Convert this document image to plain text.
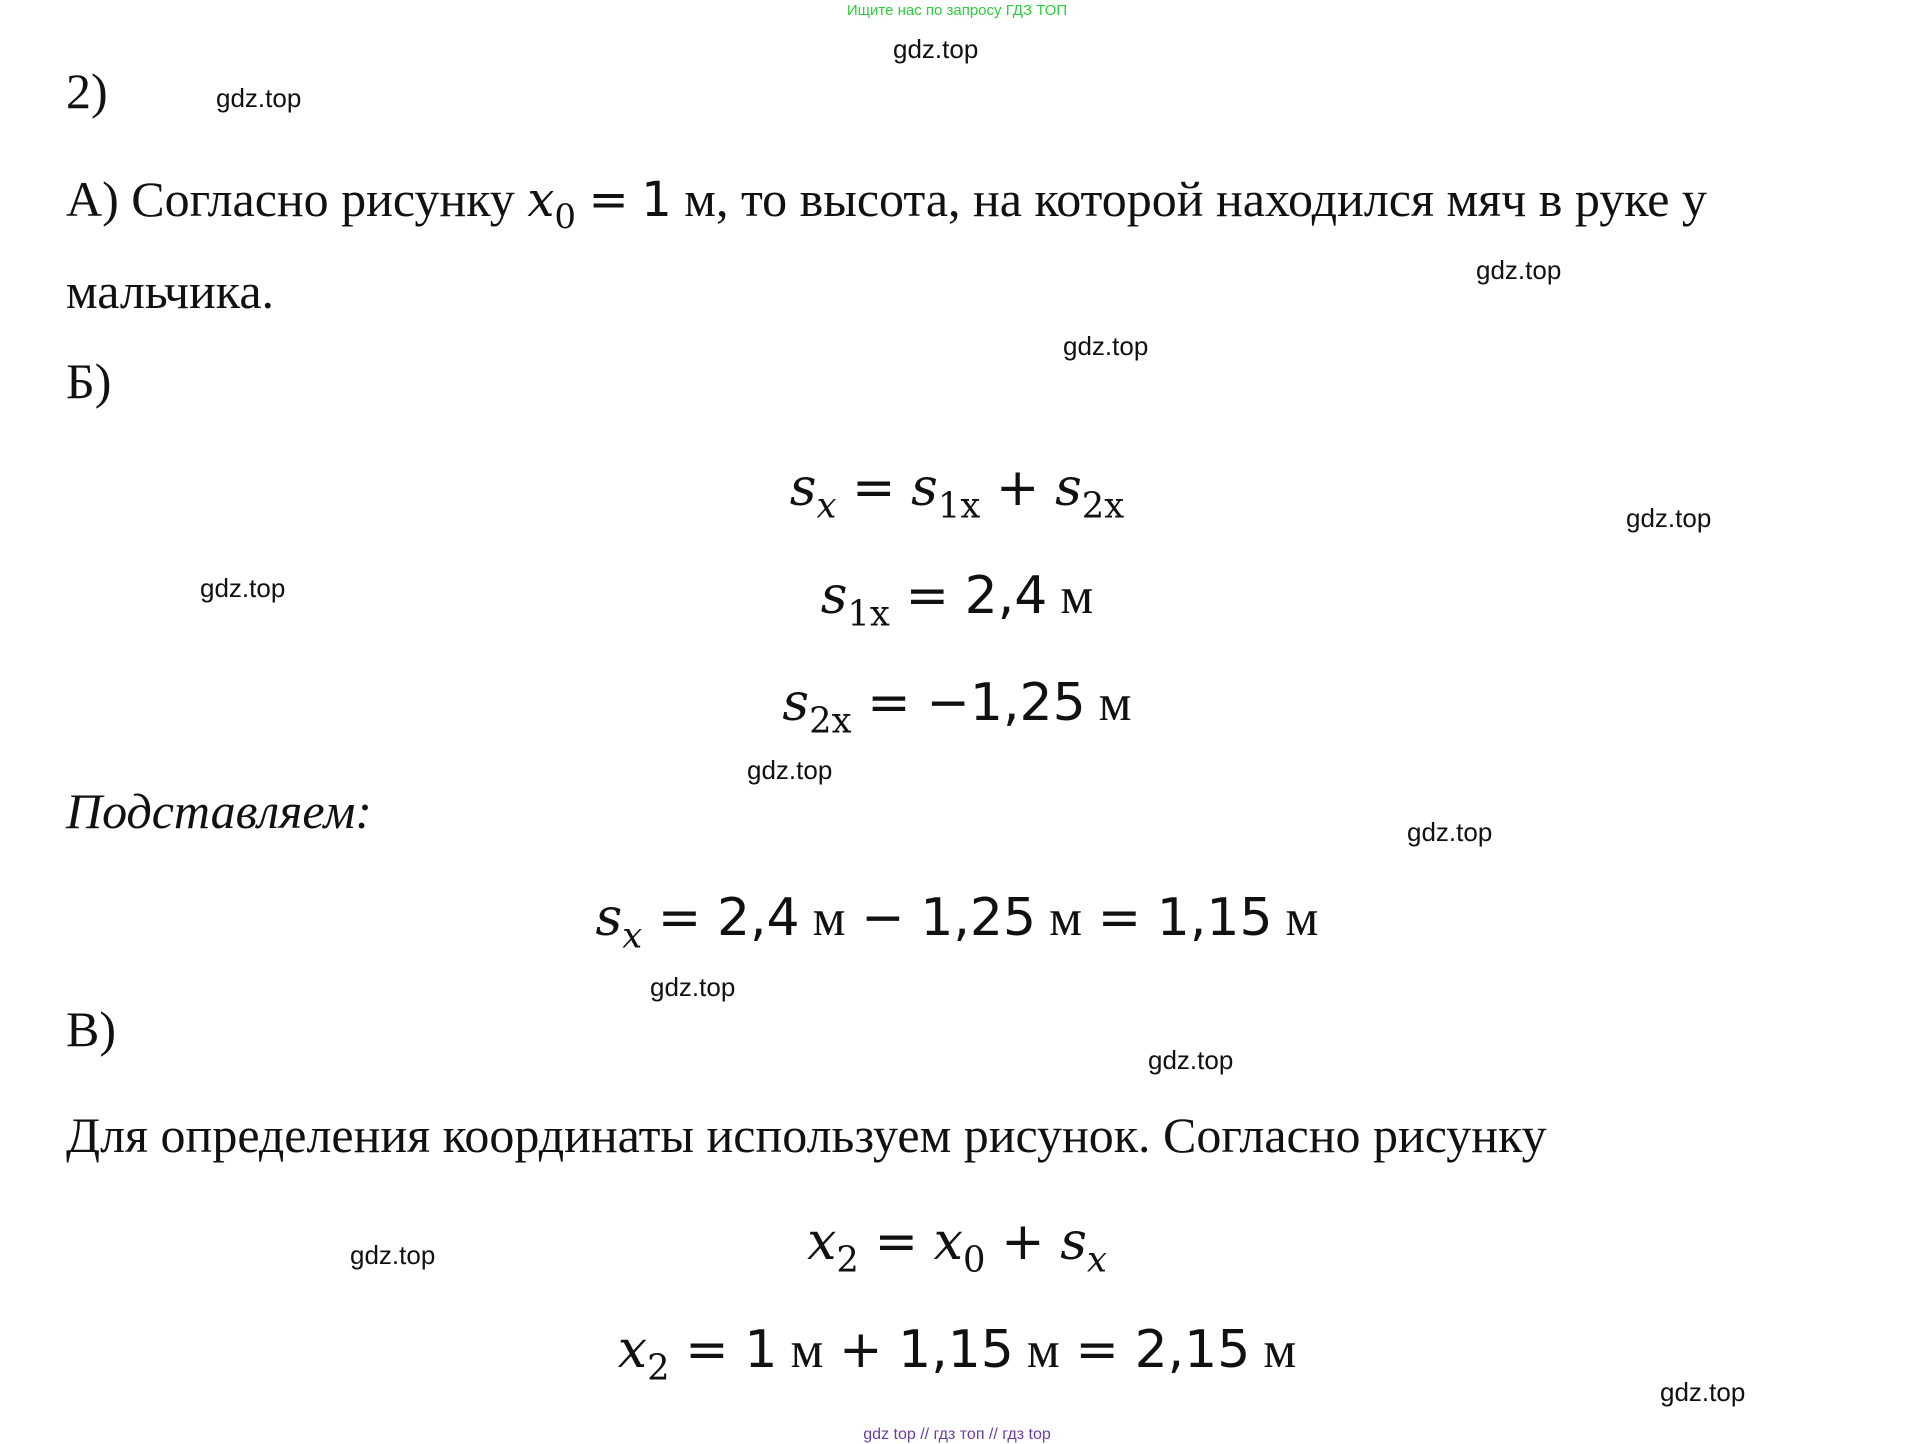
Ищите нас по запросу ГДЗ ТОП
gdz.top
gdz.top
gdz.top
gdz.top
gdz.top
gdz.top
gdz.top
gdz.top
gdz.top
gdz.top
gdz.top
gdz.top
2)
А) Согласно рисунку $x_0 = 1$ м, то высота, на которой находился мяч в руке у мальчика.
Б)
$s_x = s_{1x} + s_{2x}$
$s_{1x} = 2,4$ м
$s_{2x} = -1,25$ м
Подставляем:
$s_x = 2,4$ м − 1,25 м = 1,15 м
В)
Для определения координаты используем рисунок. Согласно рисунку
$x_2 = x_0 + s_x$
$x_2 = 1$ м + 1,15 м = 2,15 м
gdz top // гдз топ // гдз top
